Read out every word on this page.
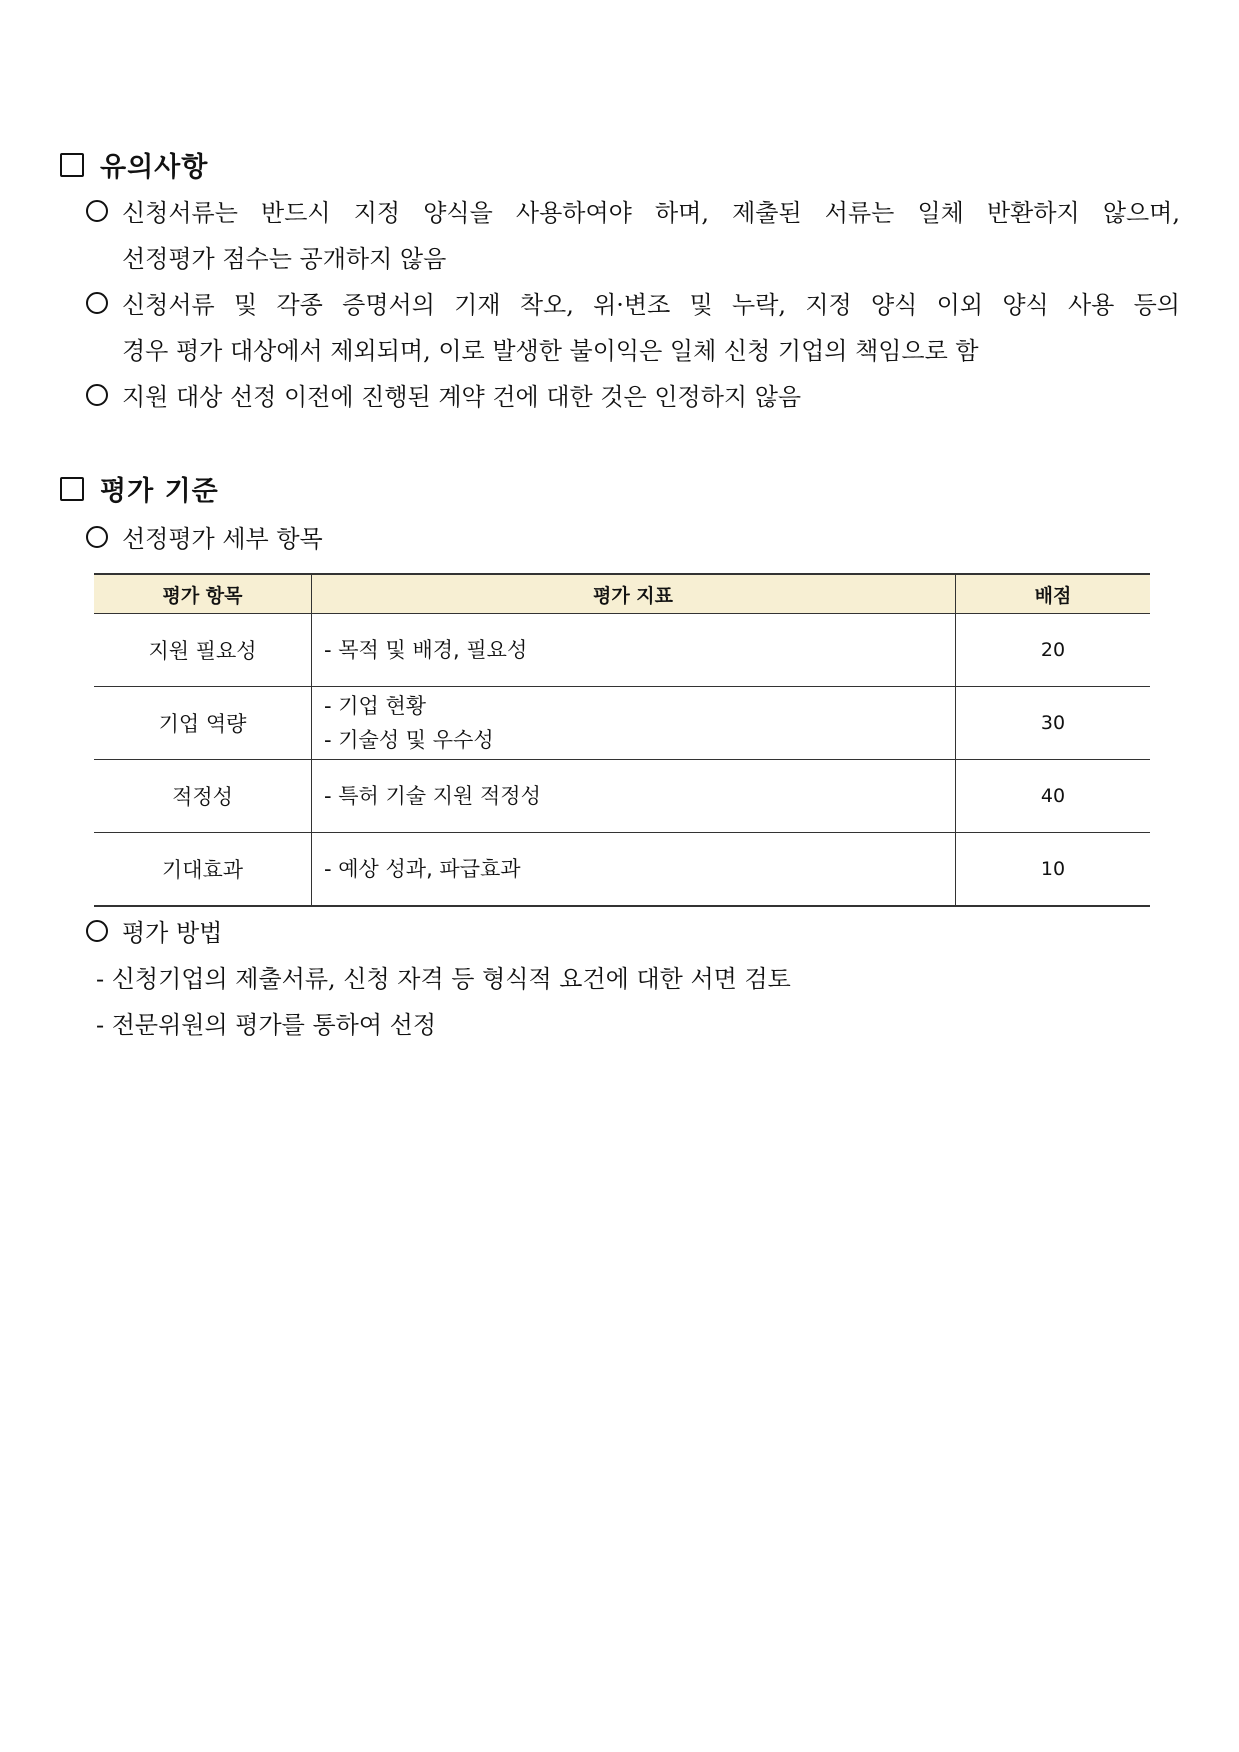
유의사항
신청서류는 반드시 지정 양식을 사용하여야 하며, 제출된 서류는 일체 반환하지 않으며,
선정평가 점수는 공개하지 않음
신청서류 및 각종 증명서의 기재 착오, 위·변조 및 누락, 지정 양식 이외 양식 사용 등의
경우 평가 대상에서 제외되며, 이로 발생한 불이익은 일체 신청 기업의 책임으로 함
지원 대상 선정 이전에 진행된 계약 건에 대한 것은 인정하지 않음
평가 기준
선정평가 세부 항목
평가 항목	평가 지표	배점
지원 필요성	- 목적 및 배경, 필요성	20
기업 역량	- 기업 현황
- 기술성 및 우수성	30
적정성	- 특허 기술 지원 적정성	40
기대효과	- 예상 성과, 파급효과	10
평가 방법
- 신청기업의 제출서류, 신청 자격 등 형식적 요건에 대한 서면 검토
- 전문위원의 평가를 통하여 선정
